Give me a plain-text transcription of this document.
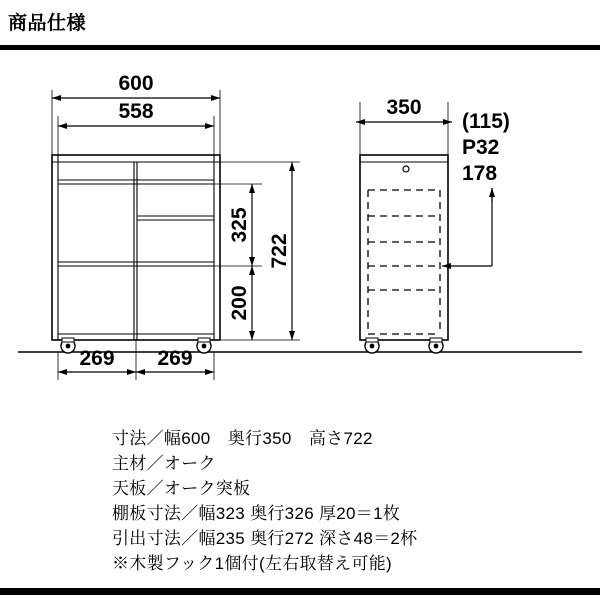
商品仕様
600
558
325
200
722
269 269
350
(115)
P32
178
寸法／幅600　奥行350　高さ722
主材／オーク
天板／オーク突板
棚板寸法／幅323 奥行326 厚20＝1枚
引出寸法／幅235 奥行272 深さ48＝2杯
※木製フック1個付(左右取替え可能)
